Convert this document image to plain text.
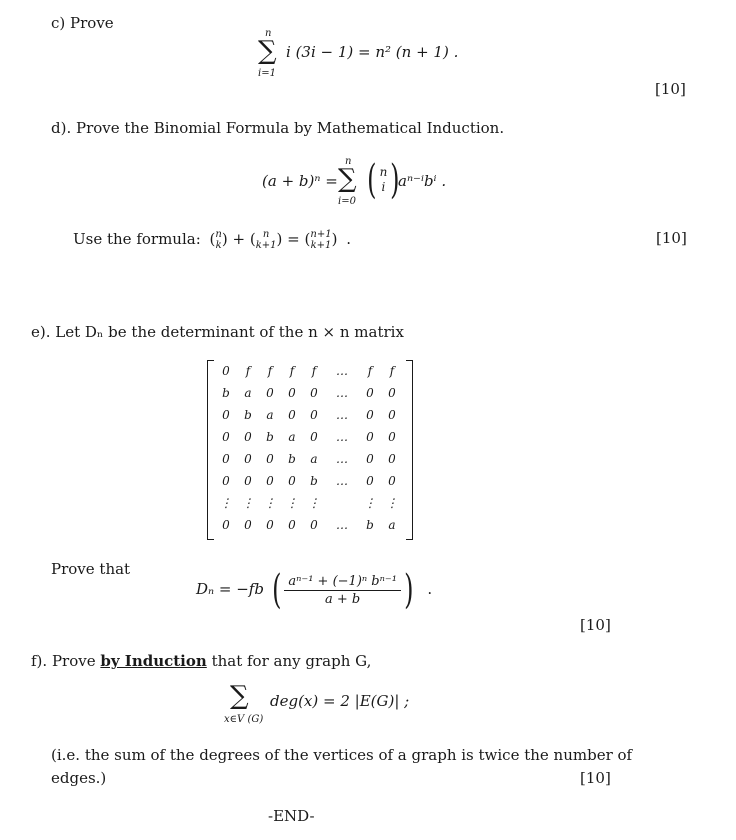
c) Prove
n
∑
i=1
i (3i − 1) = n² (n + 1) .
[10]
d). Prove the Binomial Formula by Mathematical Induction.
(a + b)ⁿ =
n
∑
i=0 ( n
i )
aⁿ⁻ⁱbⁱ .
Use the formula: ( n
k ) + ( n
k+1 ) = ( n+1
k+1 ) .	[10]
e). Let Dₙ be the determinant of the n × n matrix
0	f	f	f	f	…	f	f
b	a	0	0	0	…	0	0
0	b	a	0	0	…	0	0
0	0	b	a	0	…	0	0
0	0	0	b	a	…	0	0
0	0	0	0	b	…	0	0
⋮	⋮	⋮	⋮	⋮		⋮	⋮
0	0	0	0	0	…	b	a
Prove that
Dₙ = −fb ( $\frac{\text{aⁿ⁻¹ + (−1)ⁿ bⁿ⁻¹}}{a + b}$ ) .
[10]
f). Prove by Induction that for any graph G,
∑
x∈V (G)
deg(x) = 2 |E(G)| ;
(i.e. the sum of the degrees of the vertices of a graph is twice the number of
edges.)	[10]
-END-
